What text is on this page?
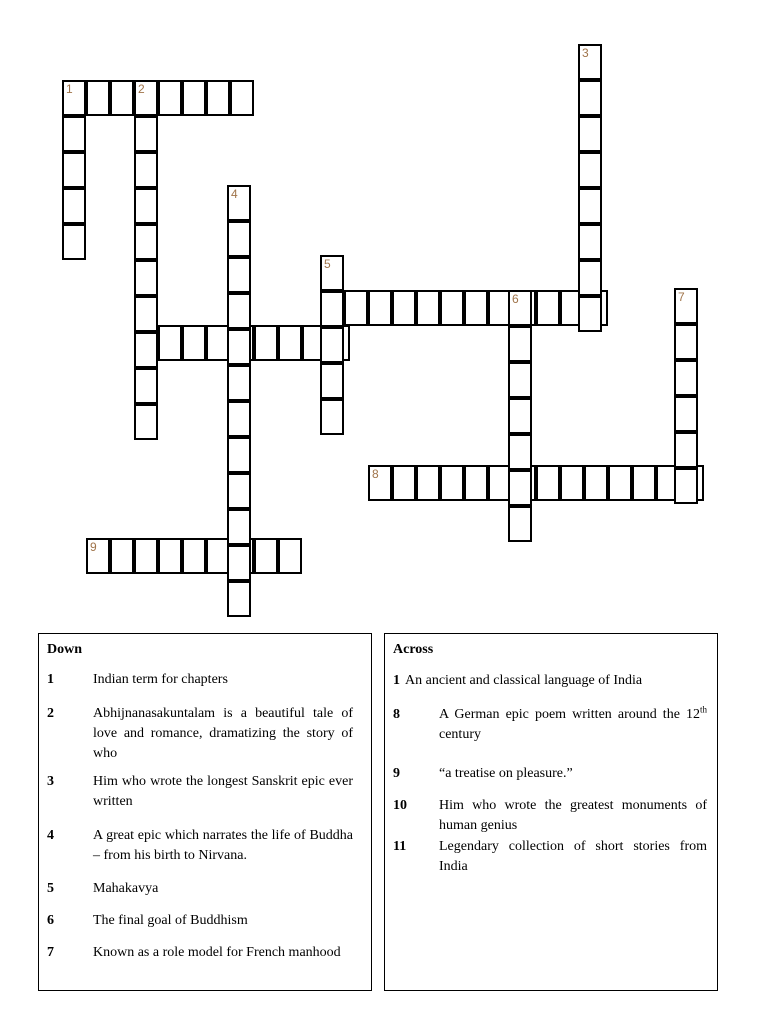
1	2
8
9
3
4
5
6	7
Down
1	Indian term for chapters
2	Abhijnanasakuntalam is a beautiful tale of love and romance, dramatizing the story of who
3	Him who wrote the longest Sanskrit epic ever written
4	A great epic which narrates the life of Buddha – from his birth to Nirvana.
5	Mahakavya
6	The final goal of Buddhism
7	Known as a role model for French manhood
Across
1 An ancient and classical language of India
8	A German epic poem written around the 12th century
9	“a treatise on pleasure.”
10 Him who wrote the greatest monuments of human genius
11 Legendary collection of short stories from India
